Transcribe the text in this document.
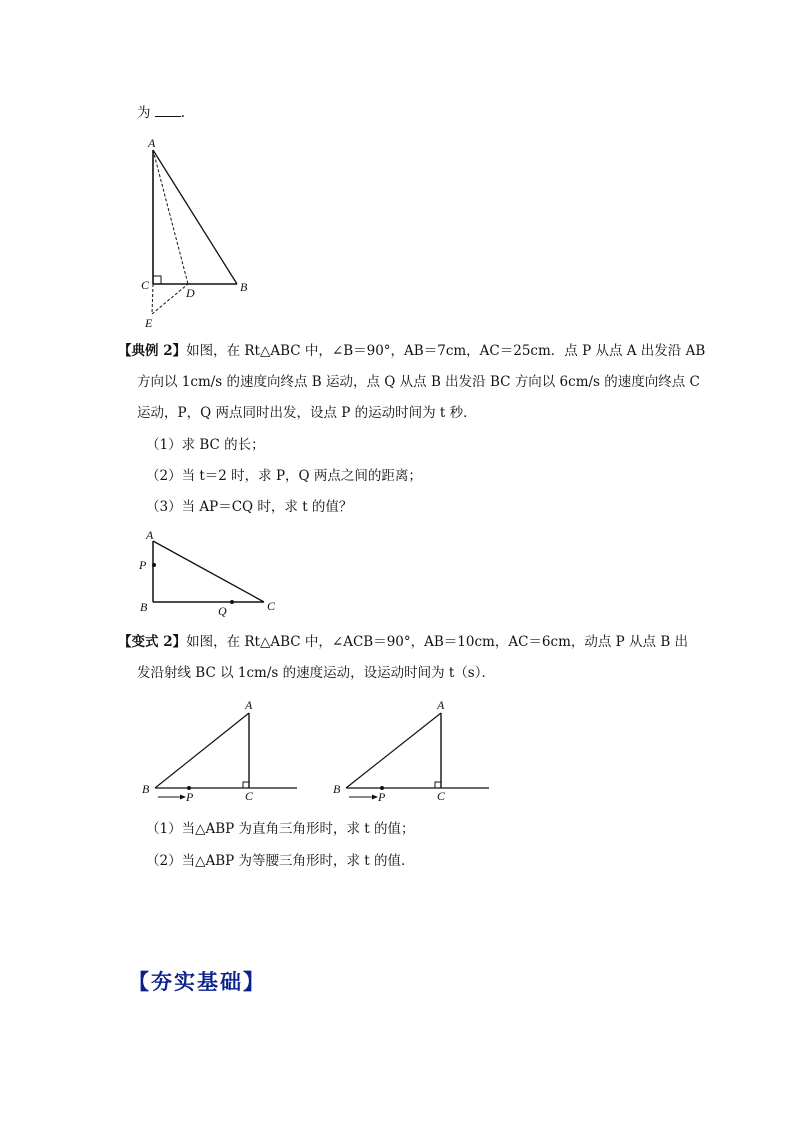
为 .
A
C
D	B
E
【典例 2】如图，在 Rt△ABC 中，∠B＝90°，AB＝7cm，AC＝25cm．点 P 从点 A 出发沿 AB
方向以 1cm/s 的速度向终点 B 运动，点 Q 从点 B 出发沿 BC 方向以 6cm/s 的速度向终点 C
运动，P，Q 两点同时出发，设点 P 的运动时间为 t 秒．
（1）求 BC 的长；
（2）当 t＝2 时，求 P，Q 两点之间的距离；
（3）当 AP＝CQ 时，求 t 的值？
A
P
B	Q	C
【变式 2】如图，在 Rt△ABC 中，∠ACB＝90°，AB＝10cm，AC＝6cm，动点 P 从点 B 出
发沿射线 BC 以 1cm/s 的速度运动，设运动时间为 t（s）．
A
B
P	C
A
B
P	C
（1）当△ABP 为直角三角形时，求 t 的值；
（2）当△ABP 为等腰三角形时，求 t 的值．
【夯实基础】
